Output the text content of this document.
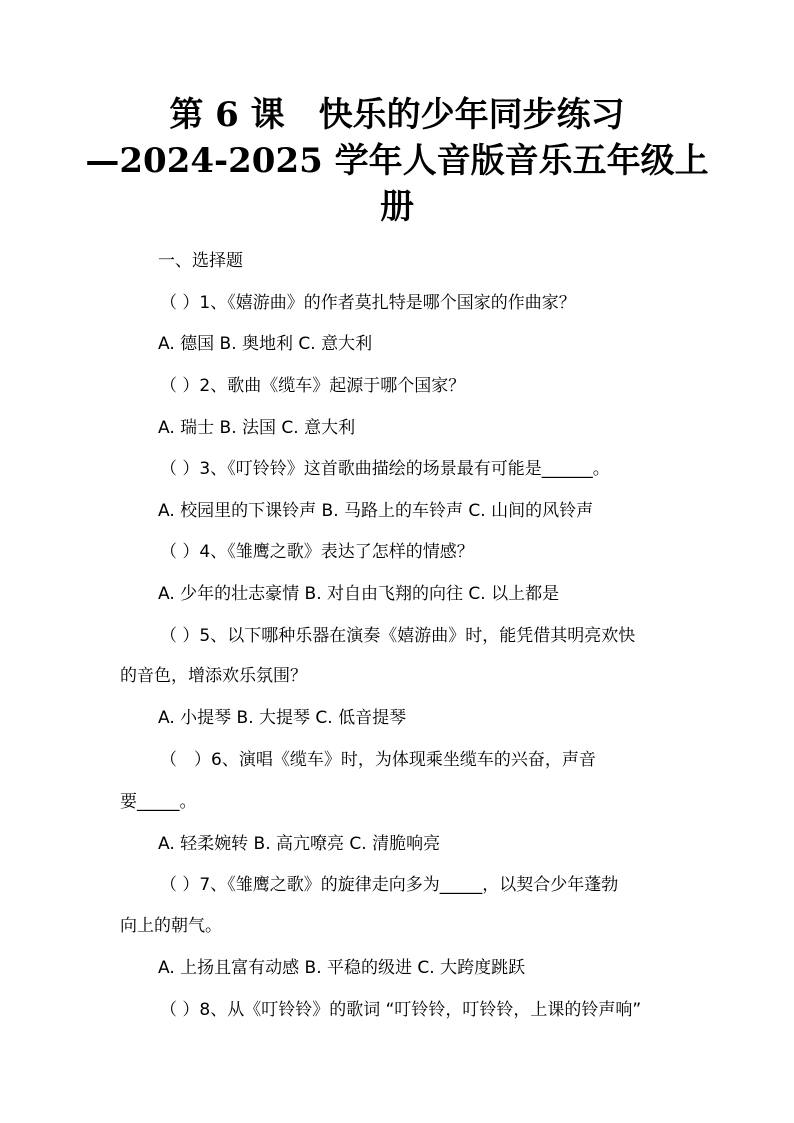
第 6 课　快乐的少年同步练习
—2024-2025 学年人音版音乐五年级上
册
一、选择题
（ ）1、《嬉游曲》的作者莫扎特是哪个国家的作曲家？
A. 德国 B. 奥地利 C. 意大利
（ ）2、歌曲《缆车》起源于哪个国家？
A. 瑞士 B. 法国 C. 意大利
（ ）3、《叮铃铃》这首歌曲描绘的场景最有可能是______。
A. 校园里的下课铃声 B. 马路上的车铃声 C. 山间的风铃声
（ ）4、《雏鹰之歌》表达了怎样的情感？
A. 少年的壮志豪情 B. 对自由飞翔的向往 C. 以上都是
（ ）5、以下哪种乐器在演奏《嬉游曲》时，能凭借其明亮欢快
的音色，增添欢乐氛围？
A. 小提琴 B. 大提琴 C. 低音提琴
（　）6、演唱《缆车》时，为体现乘坐缆车的兴奋，声音
要_____。
A. 轻柔婉转 B. 高亢嘹亮 C. 清脆响亮
（ ）7、《雏鹰之歌》的旋律走向多为_____，以契合少年蓬勃
向上的朝气。
A. 上扬且富有动感 B. 平稳的级进 C. 大跨度跳跃
（ ）8、从《叮铃铃》的歌词 “叮铃铃，叮铃铃，上课的铃声响”
